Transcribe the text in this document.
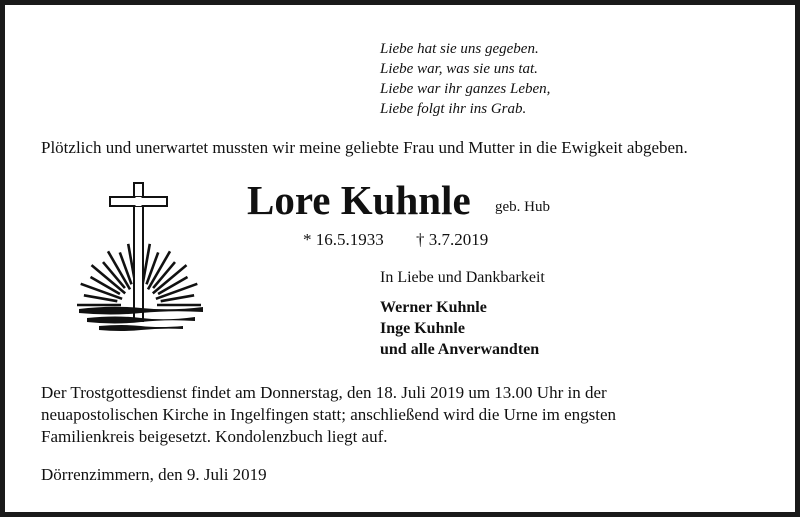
Liebe hat sie uns gegeben.
Liebe war, was sie uns tat.
Liebe war ihr ganzes Leben,
Liebe folgt ihr ins Grab.
Plötzlich und unerwartet mussten wir meine geliebte Frau und Mutter in die Ewigkeit abgeben.
Lore Kuhnle geb. Hub
* 16.5.1933 † 3.7.2019
In Liebe und Dankbarkeit
Werner Kuhnle
Inge Kuhnle
und alle Anverwandten
Der Trostgottesdienst findet am Donnerstag, den 18. Juli 2019 um 13.00 Uhr in der
neuapostolischen Kirche in Ingelfingen statt; anschließend wird die Urne im engsten
Familienkreis beigesetzt. Kondolenzbuch liegt auf.
Dörrenzimmern, den 9. Juli 2019
